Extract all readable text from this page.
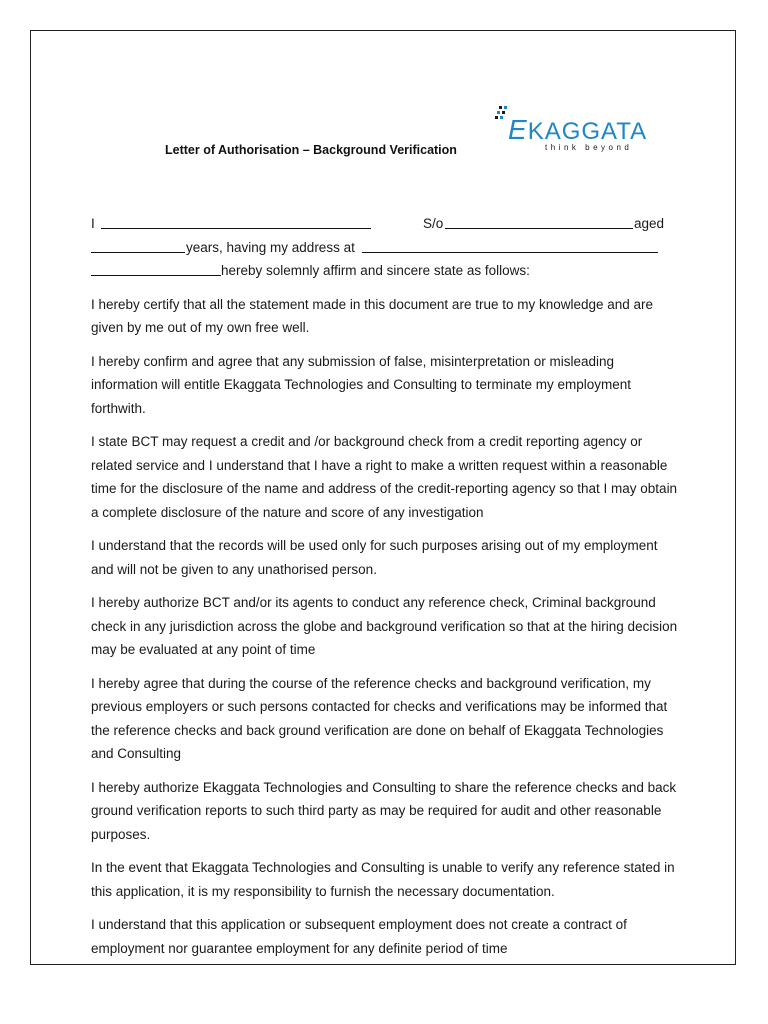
EKAGGATA
think beyond
Letter of Authorisation – Background Verification
I	S/o	aged
years, having my address at
hereby solemnly affirm and sincere state as follows:

I hereby certify that all the statement made in this document are true to my knowledge and are given by me out of my own free well.

I hereby confirm and agree that any submission of false, misinterpretation or misleading information will entitle Ekaggata Technologies and Consulting to terminate my employment forthwith.

I state BCT may request a credit and /or background check from a credit reporting agency or related service and I understand that I have a right to make a written request within a reasonable time for the disclosure of the name and address of the credit-reporting agency so that I may obtain a complete disclosure of the nature and score of any investigation

I understand that the records will be used only for such purposes arising out of my employment and will not be given to any unathorised person.

I hereby authorize BCT and/or its agents to conduct any reference check, Criminal background check in any jurisdiction across the globe and background verification so that at the hiring decision may be evaluated at any point of time

I hereby agree that during the course of the reference checks and background verification, my previous employers or such persons contacted for checks and verifications may be informed that the reference checks and back ground verification are done on behalf of Ekaggata Technologies and Consulting

I hereby authorize Ekaggata Technologies and Consulting to share the reference checks and back ground verification reports to such third party as may be required for audit and other reasonable purposes.

In the event that Ekaggata Technologies and Consulting is unable to verify any reference stated in this application, it is my responsibility to furnish the necessary documentation.

I understand that this application or subsequent employment does not create a contract of employment nor guarantee employment for any definite period of time
